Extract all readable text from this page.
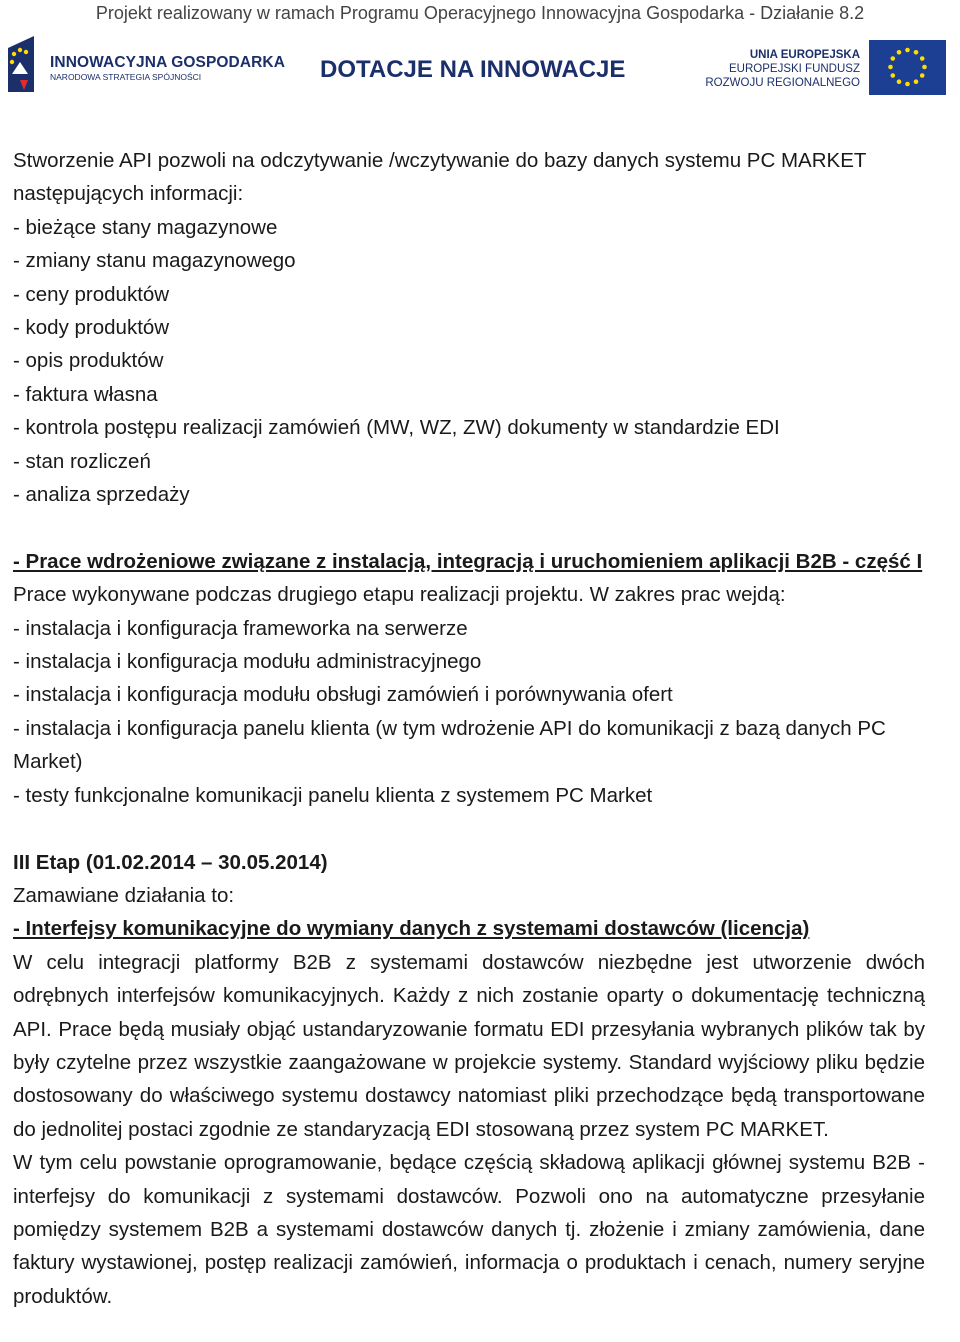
Projekt realizowany w ramach Programu Operacyjnego Innowacyjna Gospodarka - Działanie 8.2
INNOWACYJNA GOSPODARKA
NARODOWA STRATEGIA SPÓJNOŚCI	DOTACJE NA INNOWACJE
UNIA EUROPEJSKA
EUROPEJSKI FUNDUSZ
ROZWOJU REGIONALNEGO

Stworzenie API pozwoli na odczytywanie /wczytywanie do bazy danych systemu PC MARKET następujących informacji:

- bieżące stany magazynowe

- zmiany stanu magazynowego

- ceny produktów

- kody produktów

- opis produktów

- faktura własna

- kontrola postępu realizacji zamówień (MW, WZ, ZW) dokumenty w standardzie EDI

- stan rozliczeń

- analiza sprzedaży

- Prace wdrożeniowe związane z instalacją, integracją i uruchomieniem aplikacji B2B - część I

Prace wykonywane podczas drugiego etapu realizacji projektu. W zakres prac wejdą:

- instalacja i konfiguracja frameworka na serwerze

- instalacja i konfiguracja modułu administracyjnego

- instalacja i konfiguracja modułu obsługi zamówień i porównywania ofert

- instalacja i konfiguracja panelu klienta (w tym wdrożenie API do komunikacji z bazą danych PC Market)

- testy funkcjonalne komunikacji panelu klienta z systemem PC Market

III Etap (01.02.2014 – 30.05.2014)

Zamawiane działania to:

- Interfejsy komunikacyjne do wymiany danych z systemami dostawców (licencja)

W celu integracji platformy B2B z systemami dostawców niezbędne jest utworzenie dwóch odrębnych interfejsów komunikacyjnych. Każdy z nich zostanie oparty o dokumentację techniczną API. Prace będą musiały objąć ustandaryzowanie formatu EDI przesyłania wybranych plików tak by były czytelne przez wszystkie zaangażowane w projekcie systemy. Standard wyjściowy pliku będzie dostosowany do właściwego systemu dostawcy natomiast pliki przechodzące będą transportowane do jednolitej postaci zgodnie ze standaryzacją EDI stosowaną przez system PC MARKET.

W tym celu powstanie oprogramowanie, będące częścią składową aplikacji głównej systemu B2B - interfejsy do komunikacji z systemami dostawców. Pozwoli ono na automatyczne przesyłanie pomiędzy systemem B2B a systemami dostawców danych tj. złożenie i zmiany zamówienia, dane faktury wystawionej, postęp realizacji zamówień, informacja o produktach i cenach, numery seryjne produktów.
